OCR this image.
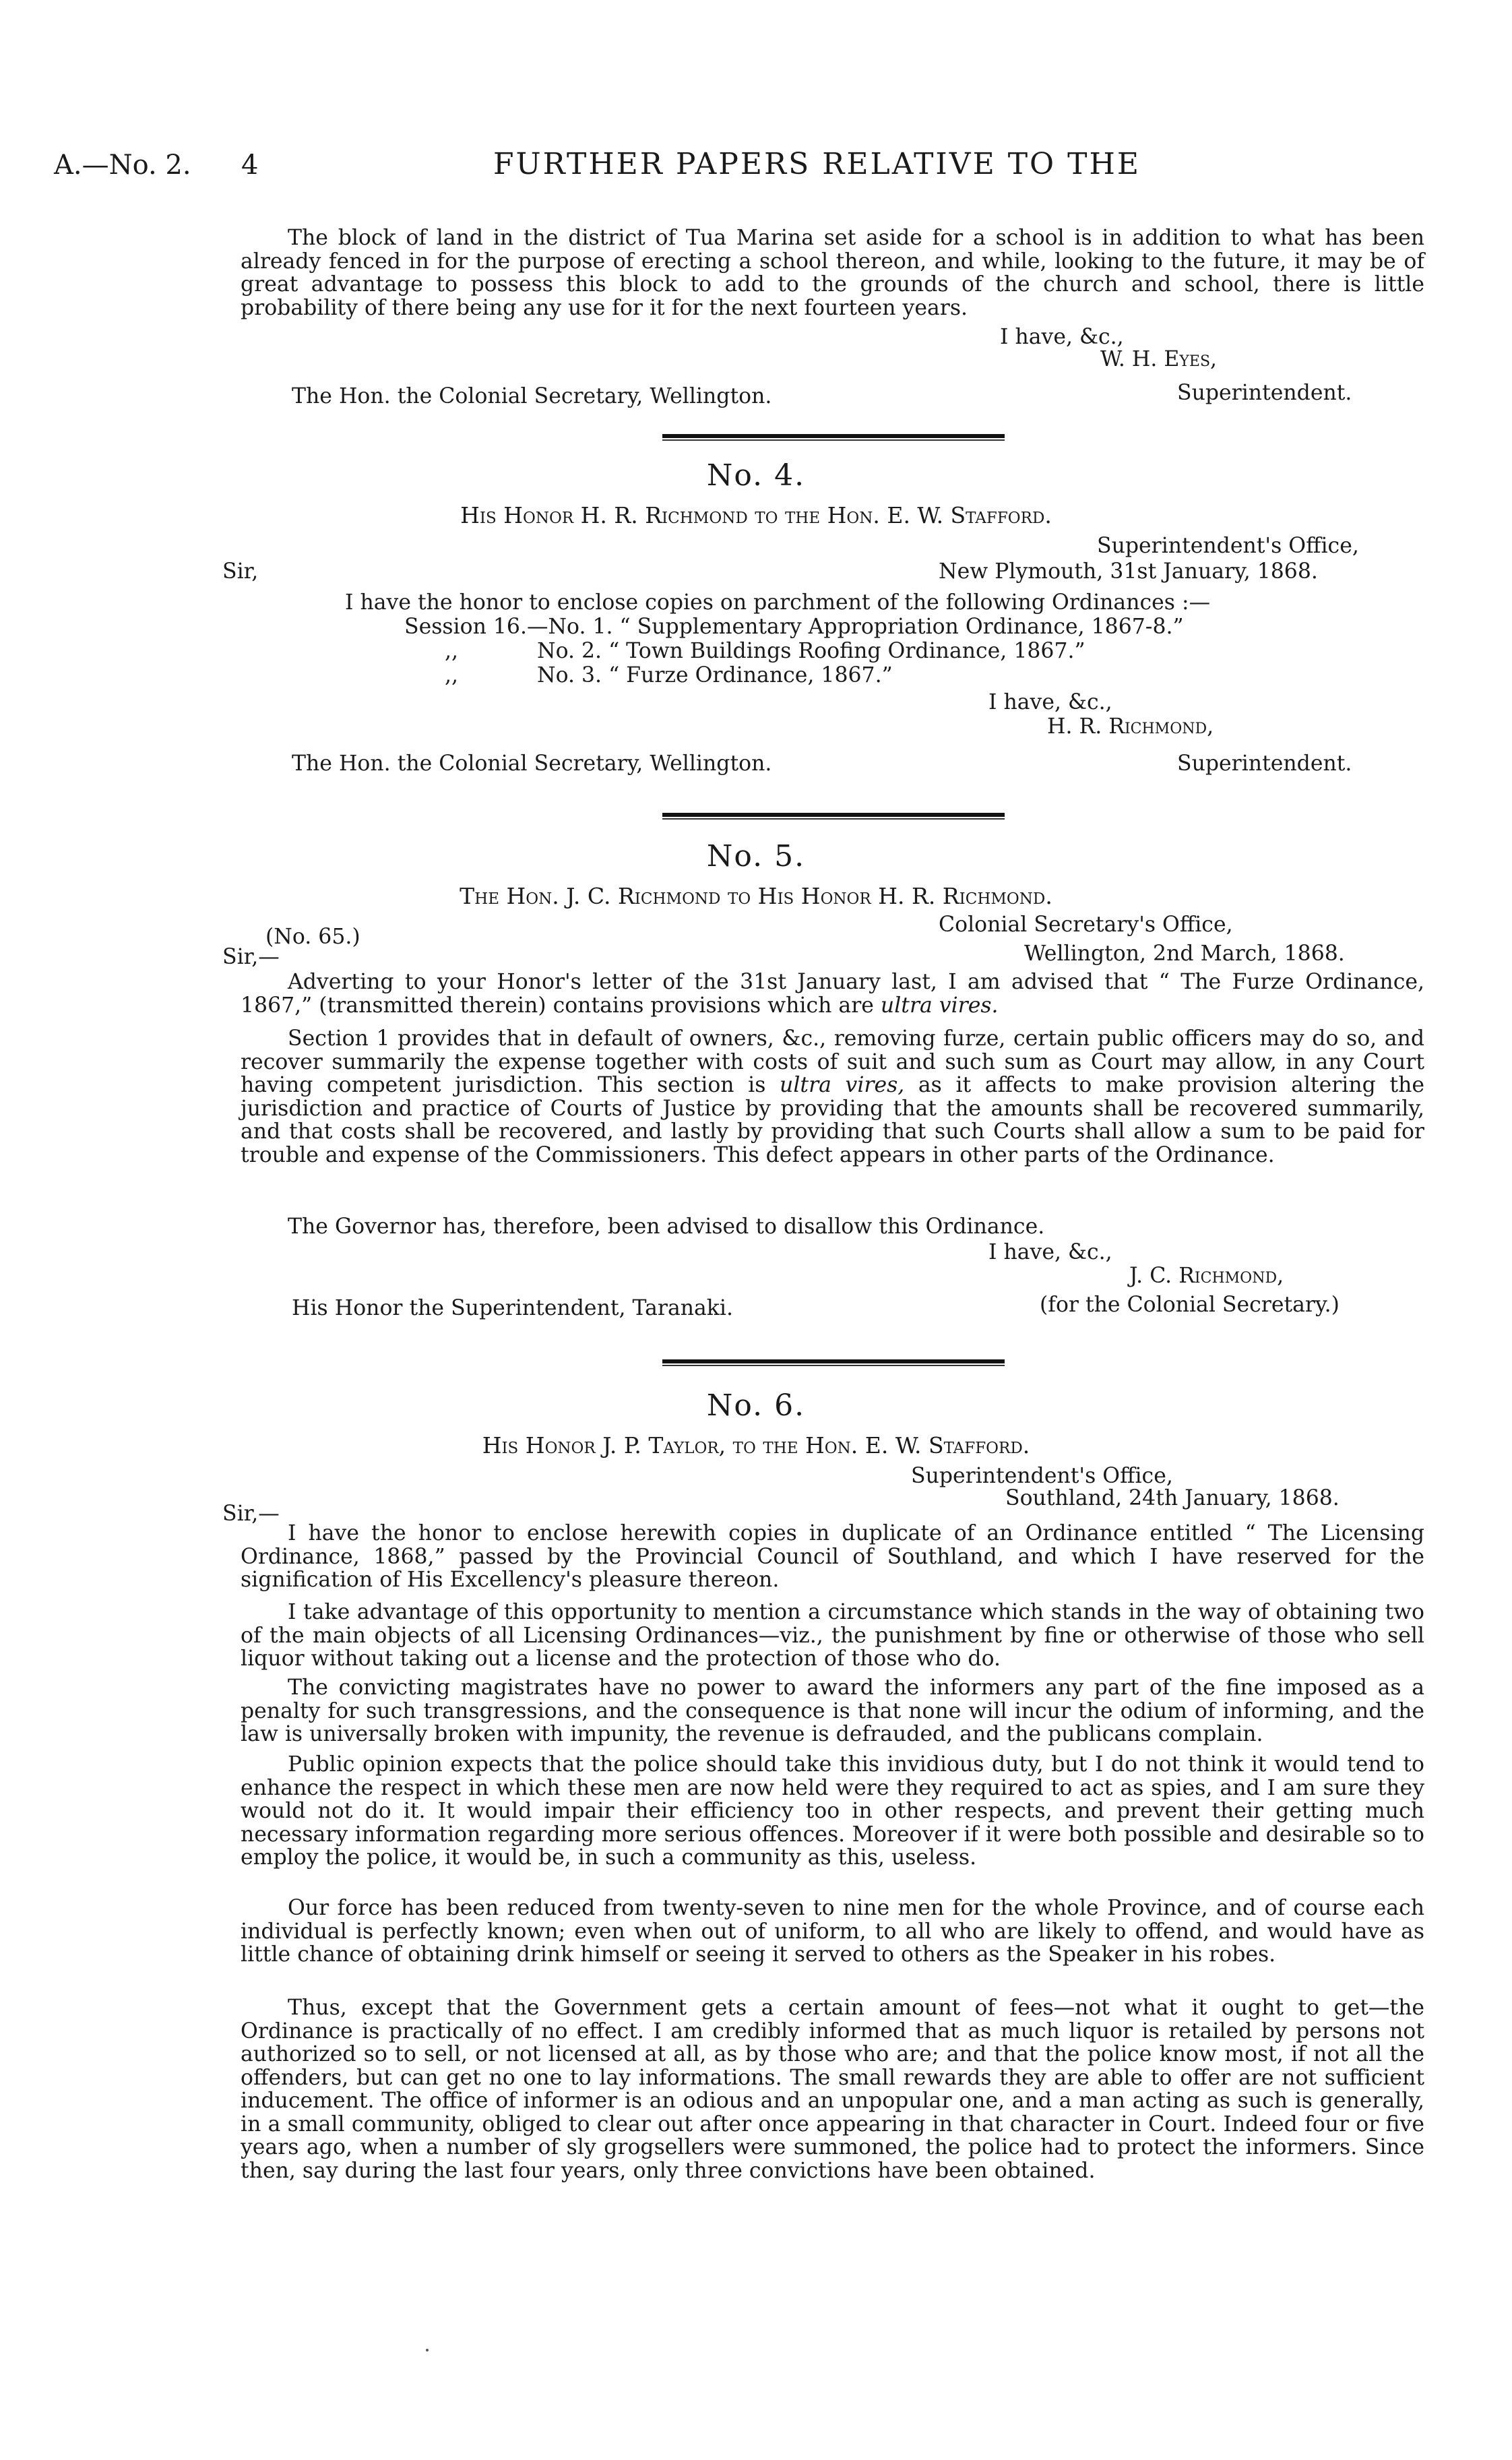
A.—No. 2. 4	FURTHER PAPERS RELATIVE TO THE
The block of land in the district of Tua Marina set aside for a school is in addition to what has been already fenced in for the purpose of erecting a school thereon, and while, looking to the future, it may be of great advantage to possess this block to add to the grounds of the church and school, there is little probability of there being any use for it for the next fourteen years.
I have, &c.,
W. H. Eyes,
The Hon. the Colonial Secretary, Wellington.	Superintendent.
No. 4.
His Honor H. R. Richmond to the Hon. E. W. Stafford.
Superintendent's Office,
Sir,	New Plymouth, 31st January, 1868.
I have the honor to enclose copies on parchment of the following Ordinances :—
Session 16.—No. 1. “ Supplementary Appropriation Ordinance, 1867-8.”
,,	No. 2. “ Town Buildings Roofing Ordinance, 1867.”
,,	No. 3. “ Furze Ordinance, 1867.”
I have, &c.,
H. R. Richmond,
The Hon. the Colonial Secretary, Wellington.	Superintendent.
No. 5.
The Hon. J. C. Richmond to His Honor H. R. Richmond.
(No. 65.)	Colonial Secretary's Office,
Sir,—	Wellington, 2nd March, 1868.
Adverting to your Honor's letter of the 31st January last, I am advised that “ The Furze Ordinance, 1867,” (transmitted therein) contains provisions which are ultra vires.
Section 1 provides that in default of owners, &c., removing furze, certain public officers may do so, and recover summarily the expense together with costs of suit and such sum as Court may allow, in any Court having competent jurisdiction. This section is ultra vires, as it affects to make provision altering the jurisdiction and practice of Courts of Justice by providing that the amounts shall be recovered summarily, and that costs shall be recovered, and lastly by providing that such Courts shall allow a sum to be paid for trouble and expense of the Commissioners. This defect appears in other parts of the Ordinance.
The Governor has, therefore, been advised to disallow this Ordinance.
I have, &c.,
J. C. Richmond,
His Honor the Superintendent, Taranaki.	(for the Colonial Secretary.)
No. 6.
His Honor J. P. Taylor, to the Hon. E. W. Stafford.
Superintendent's Office,
Sir,—
Southland, 24th January, 1868.
I have the honor to enclose herewith copies in duplicate of an Ordinance entitled “ The Licensing Ordinance, 1868,” passed by the Provincial Council of Southland, and which I have reserved for the signification of His Excellency's pleasure thereon.
I take advantage of this opportunity to mention a circumstance which stands in the way of obtaining two of the main objects of all Licensing Ordinances—viz., the punishment by fine or otherwise of those who sell liquor without taking out a license and the protection of those who do.
The convicting magistrates have no power to award the informers any part of the fine imposed as a penalty for such transgressions, and the consequence is that none will incur the odium of informing, and the law is universally broken with impunity, the revenue is defrauded, and the publicans complain.
Public opinion expects that the police should take this invidious duty, but I do not think it would tend to enhance the respect in which these men are now held were they required to act as spies, and I am sure they would not do it. It would impair their efficiency too in other respects, and prevent their getting much necessary information regarding more serious offences. Moreover if it were both possible and desirable so to employ the police, it would be, in such a community as this, useless.
Our force has been reduced from twenty-seven to nine men for the whole Province, and of course each individual is perfectly known; even when out of uniform, to all who are likely to offend, and would have as little chance of obtaining drink himself or seeing it served to others as the Speaker in his robes.
Thus, except that the Government gets a certain amount of fees—not what it ought to get—the Ordinance is practically of no effect. I am credibly informed that as much liquor is retailed by persons not authorized so to sell, or not licensed at all, as by those who are; and that the police know most, if not all the offenders, but can get no one to lay informations. The small rewards they are able to offer are not sufficient inducement. The office of informer is an odious and an unpopular one, and a man acting as such is generally, in a small community, obliged to clear out after once appearing in that character in Court. Indeed four or five years ago, when a number of sly grogsellers were summoned, the police had to protect the informers. Since then, say during the last four years, only three convictions have been obtained.
